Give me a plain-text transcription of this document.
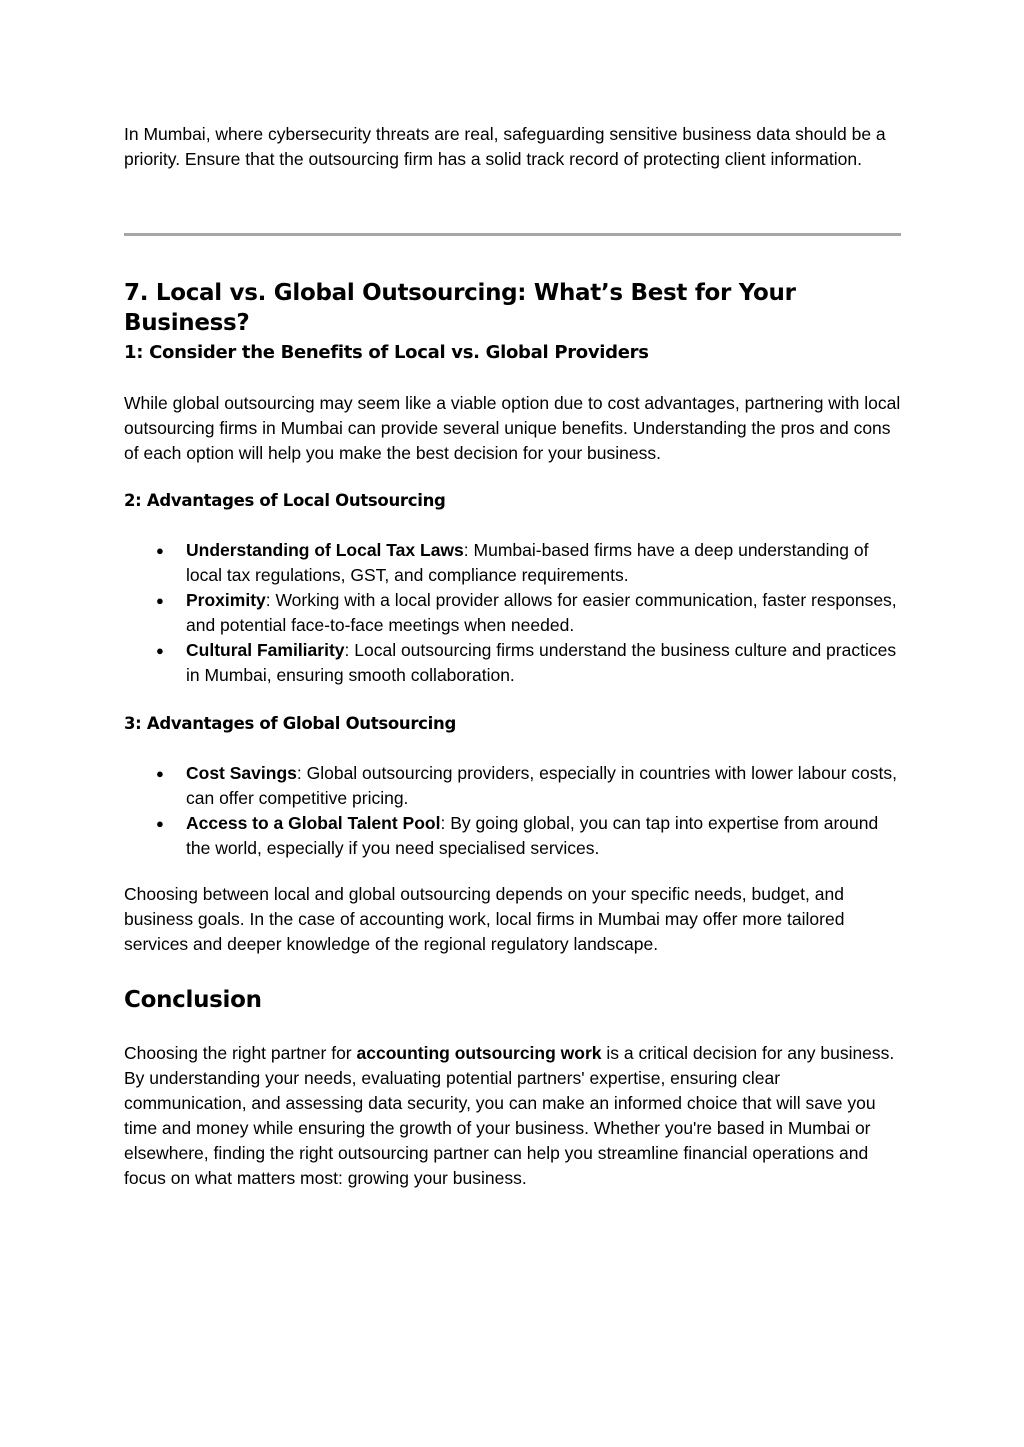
In Mumbai, where cybersecurity threats are real, safeguarding sensitive business data should be a priority. Ensure that the outsourcing firm has a solid track record of protecting client information.

7. Local vs. Global Outsourcing: What’s Best for Your Business?
1: Consider the Benefits of Local vs. Global Providers

While global outsourcing may seem like a viable option due to cost advantages, partnering with local outsourcing firms in Mumbai can provide several unique benefits. Understanding the pros and cons of each option will help you make the best decision for your business.

2: Advantages of Local Outsourcing
● Understanding of Local Tax Laws: Mumbai-based firms have a deep understanding of local tax regulations, GST, and compliance requirements.
● Proximity: Working with a local provider allows for easier communication, faster responses, and potential face-to-face meetings when needed.
● Cultural Familiarity: Local outsourcing firms understand the business culture and practices in Mumbai, ensuring smooth collaboration.
3: Advantages of Global Outsourcing
● Cost Savings: Global outsourcing providers, especially in countries with lower labour costs, can offer competitive pricing.
● Access to a Global Talent Pool: By going global, you can tap into expertise from around the world, especially if you need specialised services.

Choosing between local and global outsourcing depends on your specific needs, budget, and business goals. In the case of accounting work, local firms in Mumbai may offer more tailored services and deeper knowledge of the regional regulatory landscape.

Conclusion

Choosing the right partner for accounting outsourcing work is a critical decision for any business. By understanding your needs, evaluating potential partners' expertise, ensuring clear communication, and assessing data security, you can make an informed choice that will save you time and money while ensuring the growth of your business. Whether you're based in Mumbai or elsewhere, finding the right outsourcing partner can help you streamline financial operations and focus on what matters most: growing your business.
